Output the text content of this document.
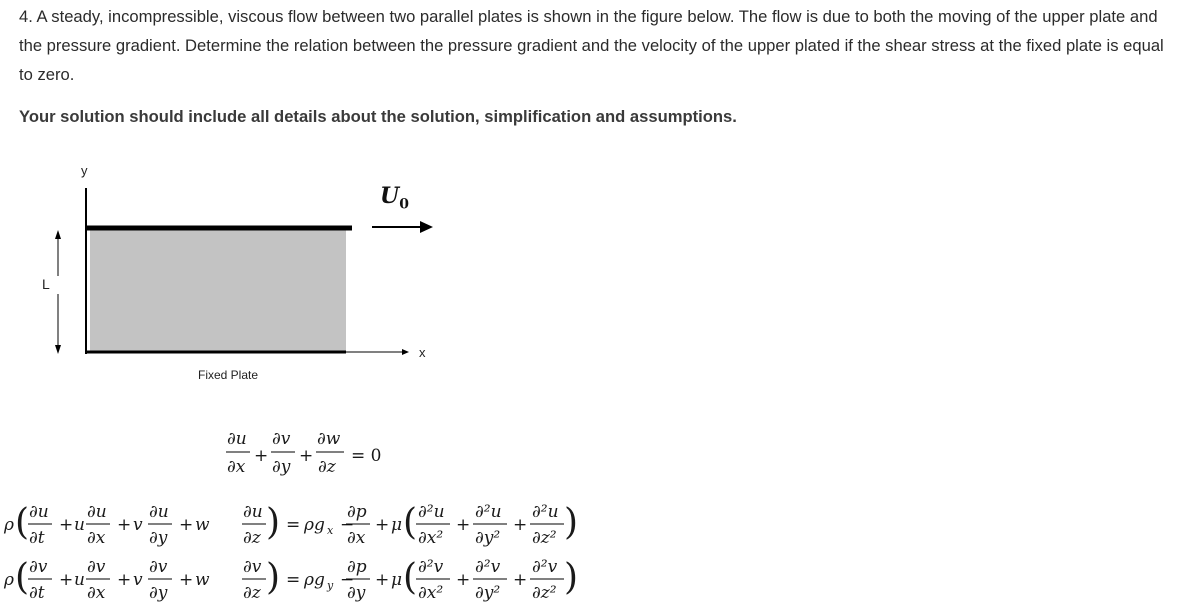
4. A steady, incompressible, viscous flow between two parallel plates is shown in the figure below. The flow is due to both the moving of the upper plate and the pressure gradient. Determine the relation between the pressure gradient and the velocity of the upper plated if the shear stress at the fixed plate is equal to zero.

Your solution should include all details about the solution, simplification and assumptions.

y
x
L
$U_0$
Fixed Plate
∂u
∂x
+
∂v
∂y
+
∂w
∂z
= 0
ρ ( ∂u
∂t
+ u
∂u
∂x
+ v
∂u
∂y
+ w
∂u
∂z ) = ρg x −
∂p
∂x
+ μ ( ∂²u
∂x²
+
∂²u
∂y²
+
∂²u
∂z² )
ρ ( ∂v
∂t
+ u
∂v
∂x
+ v
∂v
∂y
+ w
∂v
∂z ) = ρg y −
∂p
∂y
+ μ ( ∂²v
∂x²
+
∂²v
∂y²
+
∂²v
∂z² )
